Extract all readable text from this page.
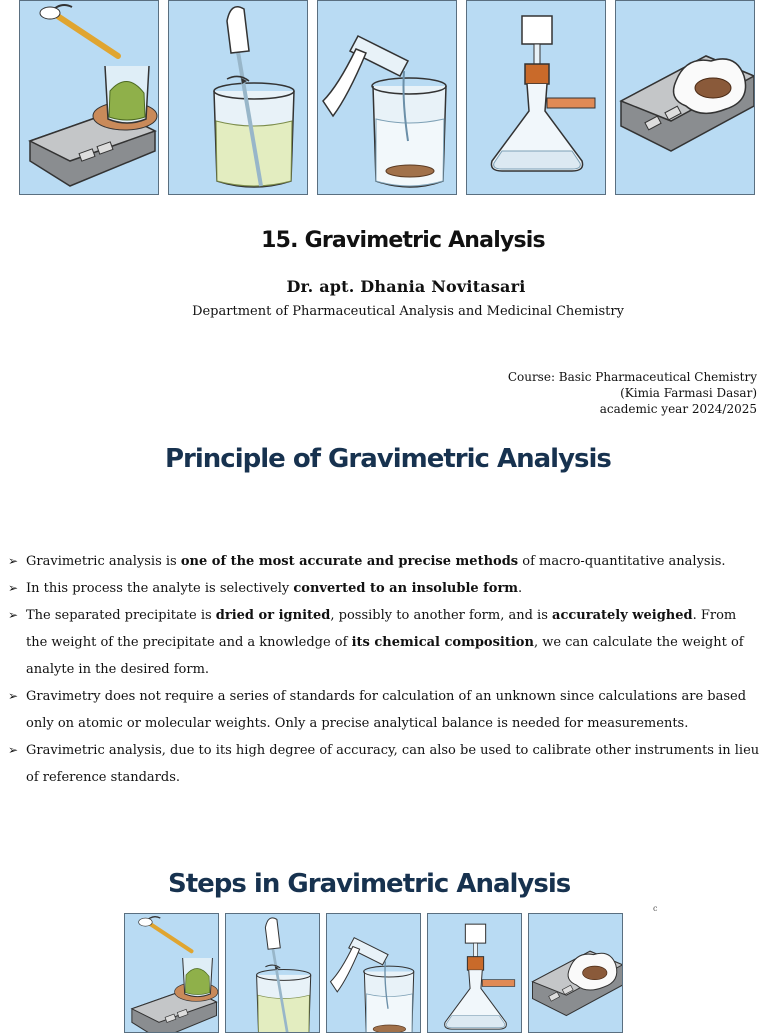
15. Gravimetric Analysis
Dr. apt. Dhania Novitasari
Department of Pharmaceutical Analysis and Medicinal Chemistry
Course: Basic Pharmaceutical Chemistry
(Kimia Farmasi Dasar)
academic year 2024/2025
Principle of Gravimetric Analysis
➢ Gravimetric analysis is one of the most accurate and precise methods of macro-quantitative analysis.
➢ In this process the analyte is selectively converted to an insoluble form.
➢ The separated precipitate is dried or ignited, possibly to another form, and is accurately weighed. From the weight of the precipitate and a knowledge of its chemical composition, we can calculate the weight of analyte in the desired form.
➢ Gravimetry does not require a series of standards for calculation of an unknown since calculations are based only on atomic or molecular weights. Only a precise analytical balance is needed for measurements.
➢ Gravimetric analysis, due to its high degree of accuracy, can also be used to calibrate other instruments in lieu of reference standards.
Steps in Gravimetric Analysis
c
